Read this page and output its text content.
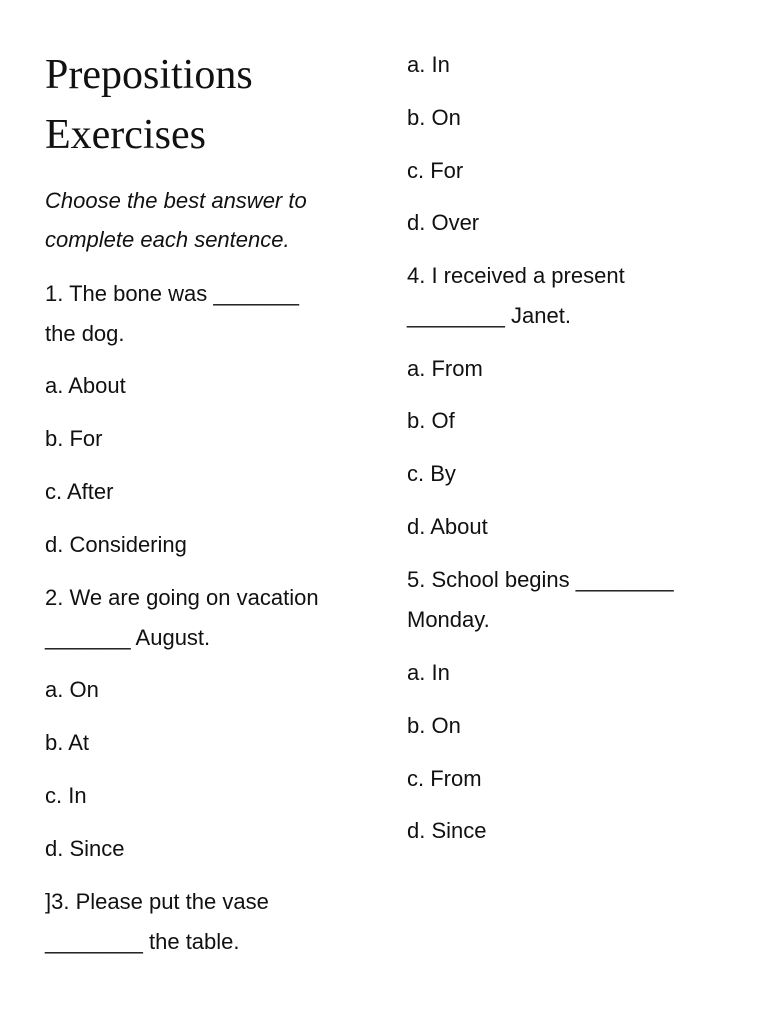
Prepositions
Exercises
Choose the best answer to
complete each sentence.
1. The bone was _______
the dog.
a. About
b. For
c. After
d. Considering
2. We are going on vacation
_______ August.
a. On
b. At
c. In
d. Since
]3. Please put the vase
________ the table.
a. In
b. On
c. For
d. Over
4. I received a present
________ Janet.
a. From
b. Of
c. By
d. About
5. School begins ________
Monday.
a. In
b. On
c. From
d. Since
